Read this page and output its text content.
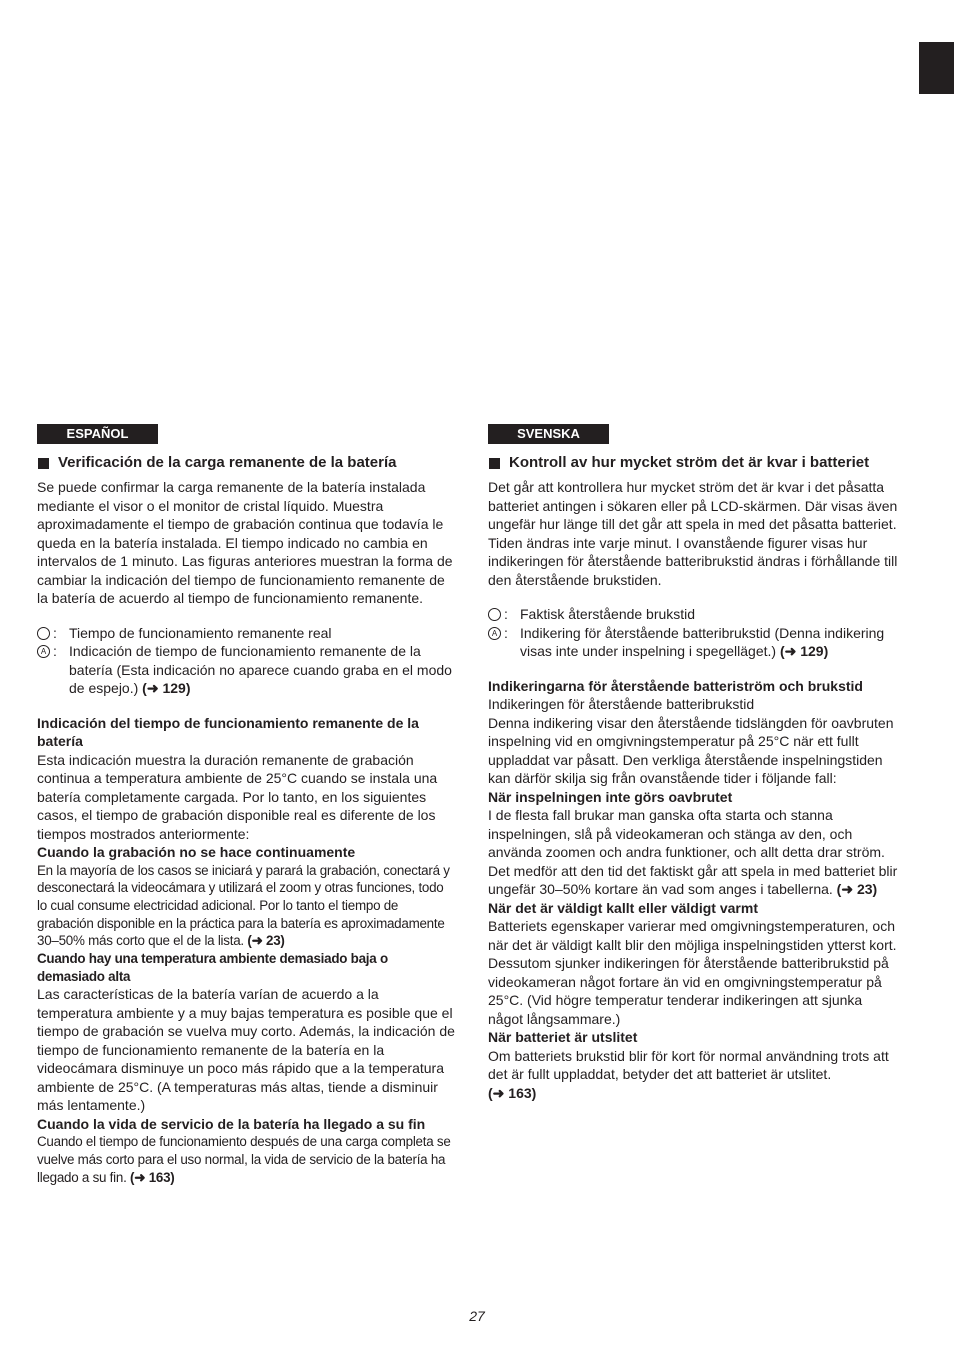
ESPAÑOL
Verificación de la carga remanente de la batería

Se puede confirmar la carga remanente de la batería instalada mediante el visor o el monitor de cristal líquido. Muestra aproximadamente el tiempo de grabación continua que todavía le queda en la batería instalada. El tiempo indicado no cambia en intervalos de 1 minuto. Las figuras anteriores muestran la forma de cambiar la indicación del tiempo de funcionamiento remanente de la batería de acuerdo al tiempo de funcionamiento remanente.

: Tiempo de funcionamiento remanente real
A : Indicación de tiempo de funcionamiento remanente de la batería (Esta indicación no aparece cuando graba en el modo de espejo.) (➜ 129)

Indicación del tiempo de funcionamiento remanente de la batería

Esta indicación muestra la duración remanente de grabación continua a temperatura ambiente de 25°C cuando se instala una batería completamente cargada. Por lo tanto, en los siguientes casos, el tiempo de grabación disponible real es diferente de los tiempos mostrados anteriormente:

Cuando la grabación no se hace continuamente

En la mayoría de los casos se iniciará y parará la grabación, conectará y desconectará la videocámara y utilizará el zoom y otras funciones, todo lo cual consume electricidad adicional. Por lo tanto el tiempo de grabación disponible en la práctica para la batería es aproximadamente 30–50% más corto que el de la lista. (➜ 23)

Cuando hay una temperatura ambiente demasiado baja o demasiado alta

Las características de la batería varían de acuerdo a la temperatura ambiente y a muy bajas temperatura es posible que el tiempo de grabación se vuelva muy corto. Además, la indicación de tiempo de funcionamiento remanente de la batería en la videocámara disminuye un poco más rápido que a la temperatura ambiente de 25°C. (A temperaturas más altas, tiende a disminuir más lentamente.)

Cuando la vida de servicio de la batería ha llegado a su fin

Cuando el tiempo de funcionamiento después de una carga completa se vuelve más corto para el uso normal, la vida de servicio de la batería ha llegado a su fin. (➜ 163)

SVENSKA
Kontroll av hur mycket ström det är kvar i batteriet

Det går att kontrollera hur mycket ström det är kvar i det påsatta batteriet antingen i sökaren eller på LCD-skärmen. Där visas även ungefär hur länge till det går att spela in med det påsatta batteriet. Tiden ändras inte varje minut. I ovanstående figurer visas hur indikeringen för återstående batteribrukstid ändras i förhållande till den återstående brukstiden.

: Faktisk återstående brukstid
A : Indikering för återstående batteribrukstid (Denna indikering visas inte under inspelning i spegelläget.) (➜ 129)

Indikeringarna för återstående batteriström och brukstid

Indikeringen för återstående batteribrukstid

Denna indikering visar den återstående tidslängden för oavbruten inspelning vid en omgivningstemperatur på 25°C när ett fullt uppladdat var påsatt. Den verkliga återstående inspelningstiden kan därför skilja sig från ovanstående tider i följande fall:

När inspelningen inte görs oavbrutet

I de flesta fall brukar man ganska ofta starta och stanna inspelningen, slå på videokameran och stänga av den, och använda zoomen och andra funktioner, och allt detta drar ström. Det medför att den tid det faktiskt går att spela in med batteriet blir ungefär 30–50% kortare än vad som anges i tabellerna. (➜ 23)

När det är väldigt kallt eller väldigt varmt

Batteriets egenskaper varierar med omgivningstemperaturen, och när det är väldigt kallt blir den möjliga inspelningstiden ytterst kort. Dessutom sjunker indikeringen för återstående batteribrukstid på videokameran något fortare än vid en omgivningstemperatur på 25°C. (Vid högre temperatur tenderar indikeringen att sjunka något långsammare.)

När batteriet är utslitet

Om batteriets brukstid blir för kort för normal användning trots att det är fullt uppladdat, betyder det att batteriet är utslitet.

(➜ 163)

27
